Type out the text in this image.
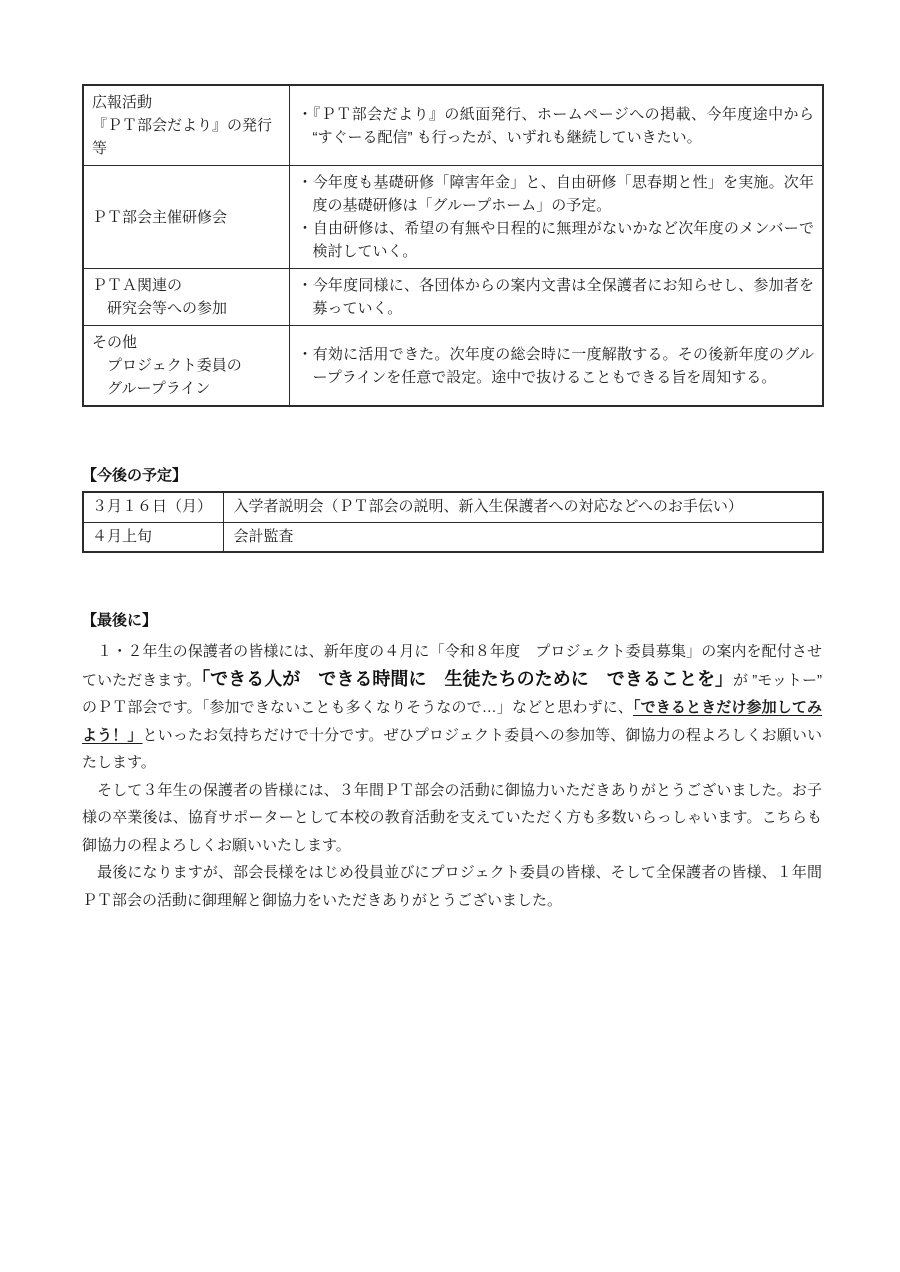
広報活動
『ＰＴ部会だより』の発行等	・『ＰＴ部会だより』の紙面発行、ホームページへの掲載、今年度途中から “すぐーる配信” も行ったが、いずれも継続していきたい。

ＰＴ部会主催研修会	・今年度も基礎研修「障害年金」と、自由研修「思春期と性」を実施。次年度の基礎研修は「グループホーム」の予定。
・自由研修は、希望の有無や日程的に無理がないかなど次年度のメンバーで検討していく。

ＰＴＡ関連の
　研究会等への参加	・今年度同様に、各団体からの案内文書は全保護者にお知らせし、参加者を募っていく。

その他
　プロジェクト委員の
　グループライン	・有効に活用できた。次年度の総会時に一度解散する。その後新年度のグループラインを任意で設定。途中で抜けることもできる旨を周知する。
【今後の予定】
３月１６日（月）	入学者説明会（ＰＴ部会の説明、新入生保護者への対応などへのお手伝い）
４月上旬	会計監査
【最後に】

　１・２年生の保護者の皆様には、新年度の４月に「令和８年度　プロジェクト委員募集」の案内を配付させていただきます。「できる人が　できる時間に　生徒たちのために　できることを」が ”モットー” のＰＴ部会です。「参加できないことも多くなりそうなので…」などと思わずに、「できるときだけ参加してみよう！」といったお気持ちだけで十分です。ぜひプロジェクト委員への参加等、御協力の程よろしくお願いいたします。

　そして３年生の保護者の皆様には、３年間ＰＴ部会の活動に御協力いただきありがとうございました。お子様の卒業後は、協育サポーターとして本校の教育活動を支えていただく方も多数いらっしゃいます。こちらも御協力の程よろしくお願いいたします。

　最後になりますが、部会長様をはじめ役員並びにプロジェクト委員の皆様、そして全保護者の皆様、１年間ＰＴ部会の活動に御理解と御協力をいただきありがとうございました。
